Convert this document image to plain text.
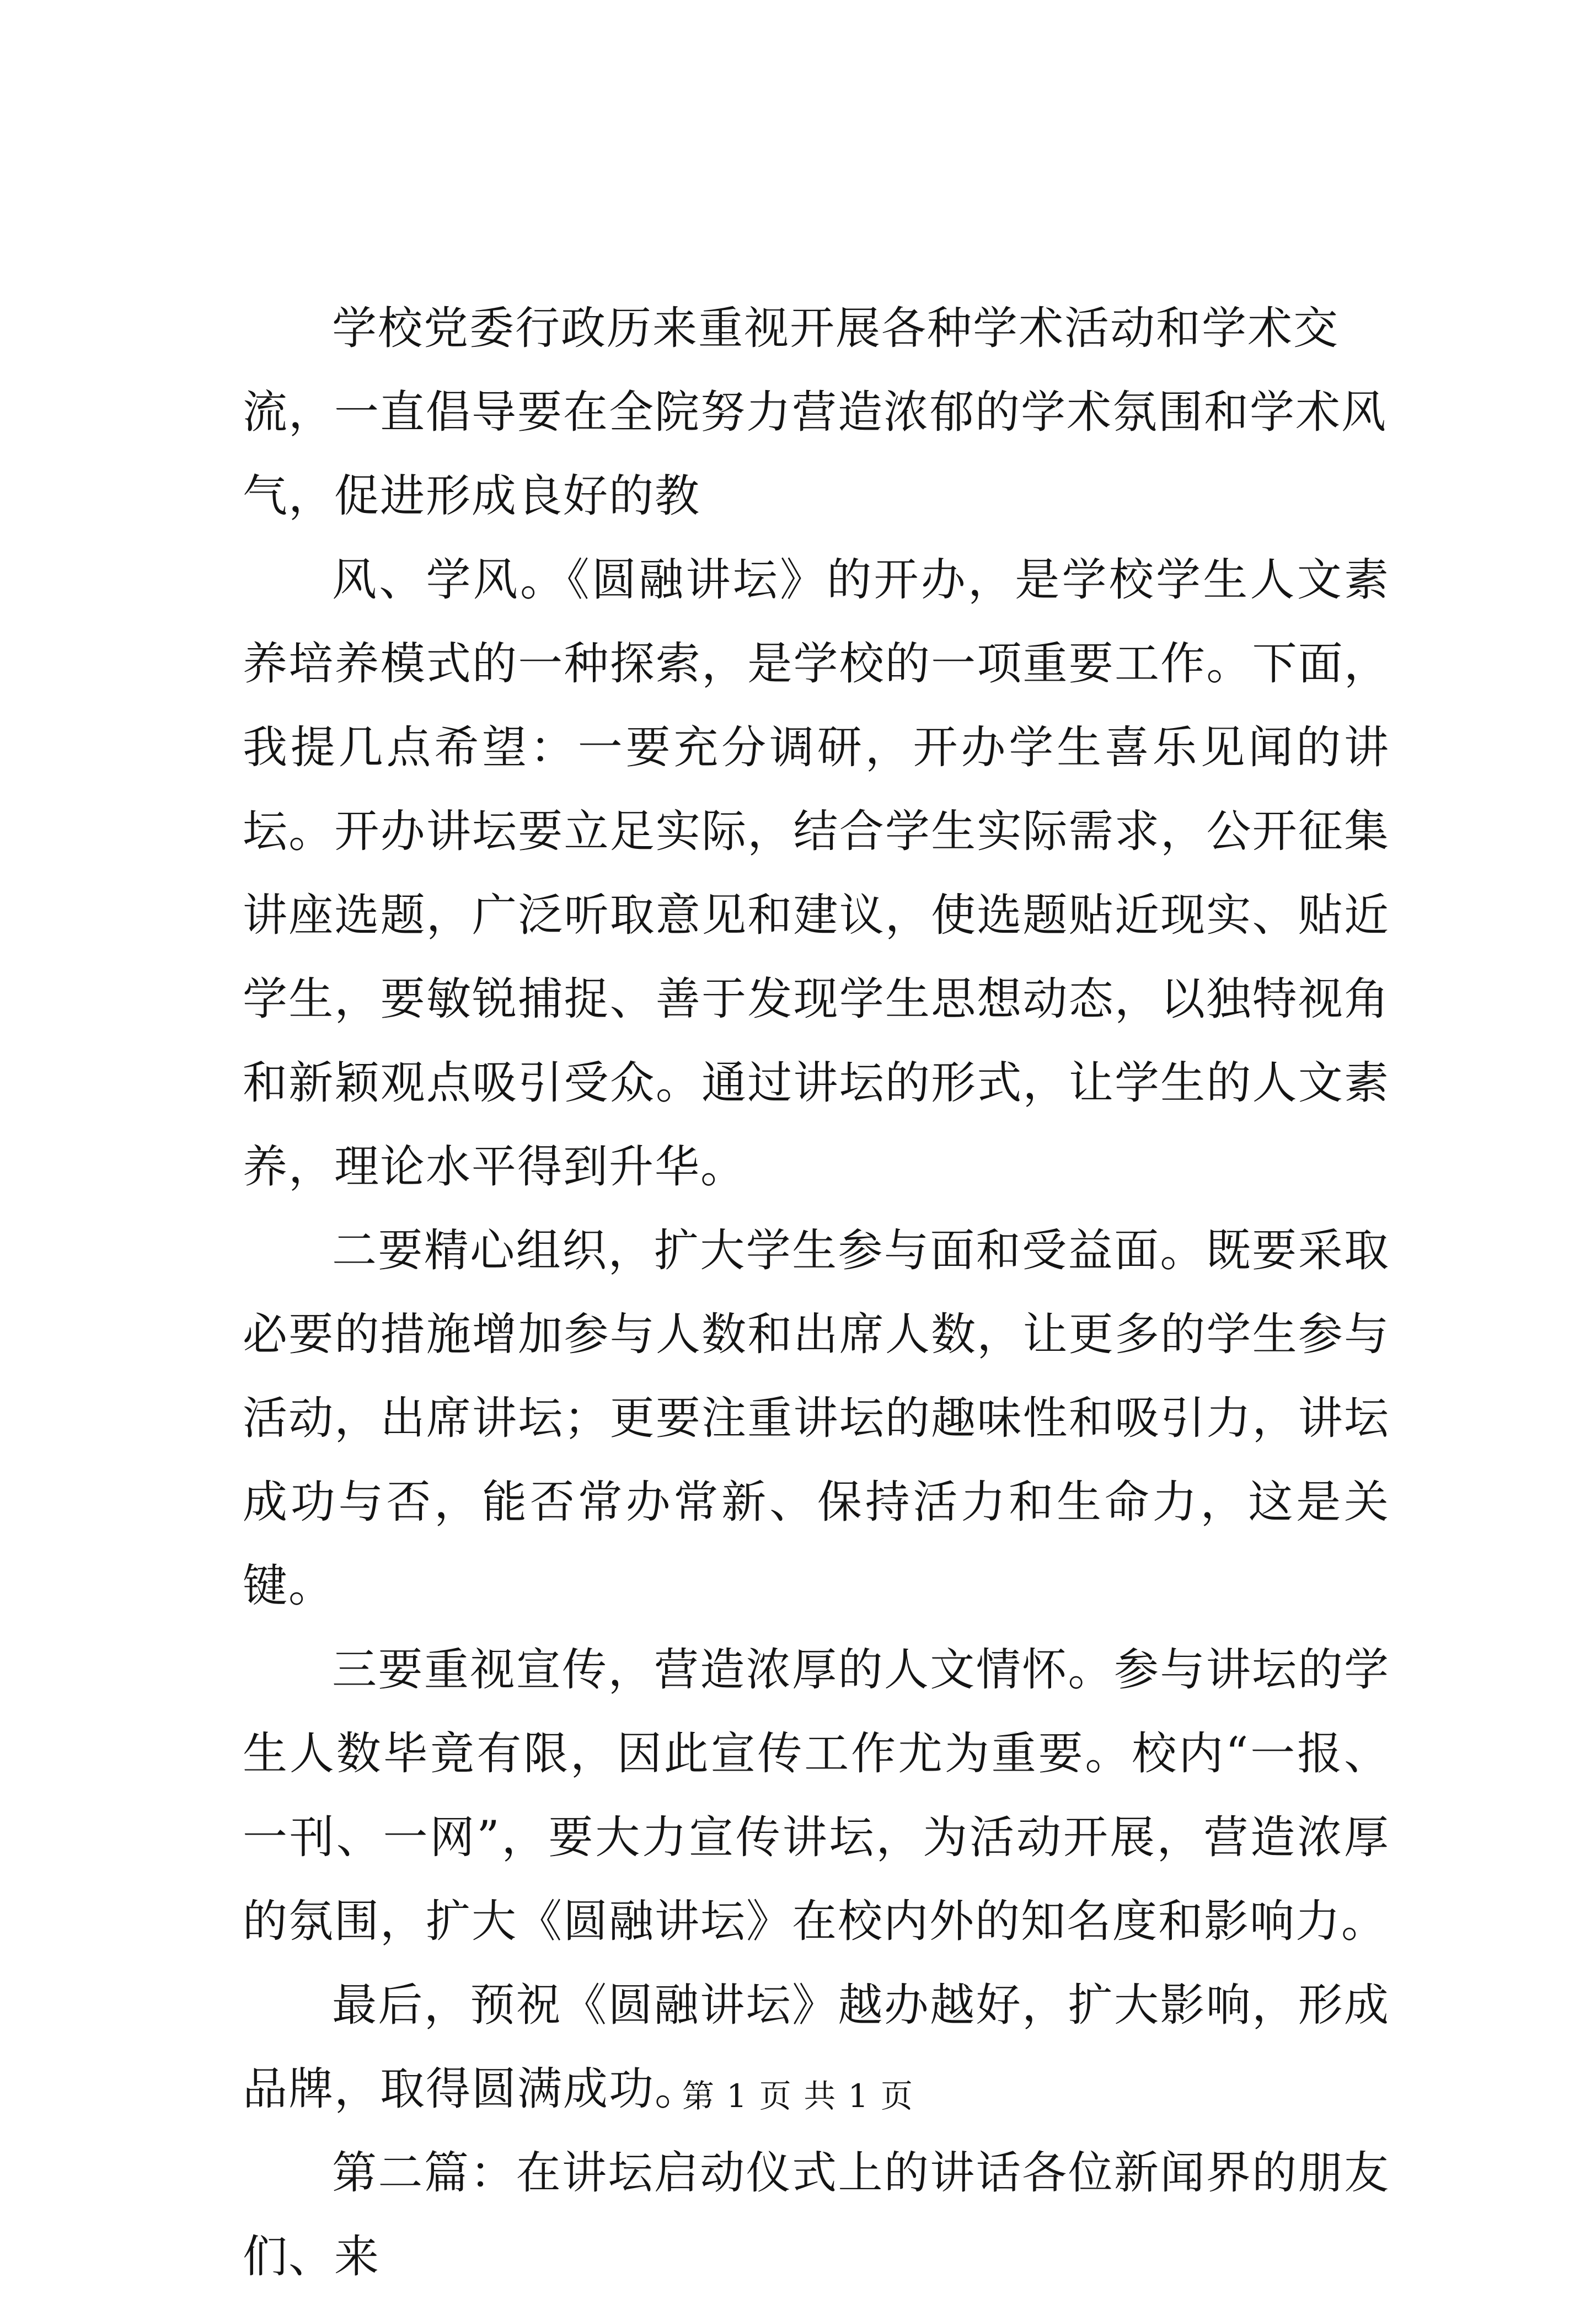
学校党委行政历来重视开展各种学术活动和学术交流，一直倡导要在全院努力营造浓郁的学术氛围和学术风气，促进形成良好的教

风、学风。《圆融讲坛》的开办，是学校学生人文素养培养模式的一种探索，是学校的一项重要工作。下面，我提几点希望：一要充分调研，开办学生喜乐见闻的讲坛。开办讲坛要立足实际，结合学生实际需求，公开征集讲座选题，广泛听取意见和建议，使选题贴近现实、贴近学生，要敏锐捕捉、善于发现学生思想动态，以独特视角和新颖观点吸引受众。通过讲坛的形式，让学生的人文素养，理论水平得到升华。

二要精心组织，扩大学生参与面和受益面。既要采取必要的措施增加参与人数和出席人数，让更多的学生参与活动，出席讲坛；更要注重讲坛的趣味性和吸引力，讲坛成功与否，能否常办常新、保持活力和生命力，这是关键。

三要重视宣传，营造浓厚的人文情怀。参与讲坛的学生人数毕竟有限，因此宣传工作尤为重要。校内“一报、一刊、一网”，要大力宣传讲坛，为活动开展，营造浓厚的氛围，扩大《圆融讲坛》在校内外的知名度和影响力。

最后，预祝《圆融讲坛》越办越好，扩大影响，形成品牌，取得圆满成功。

第二篇：在讲坛启动仪式上的讲话各位新闻界的朋友们、来

第 1 页 共 1 页
